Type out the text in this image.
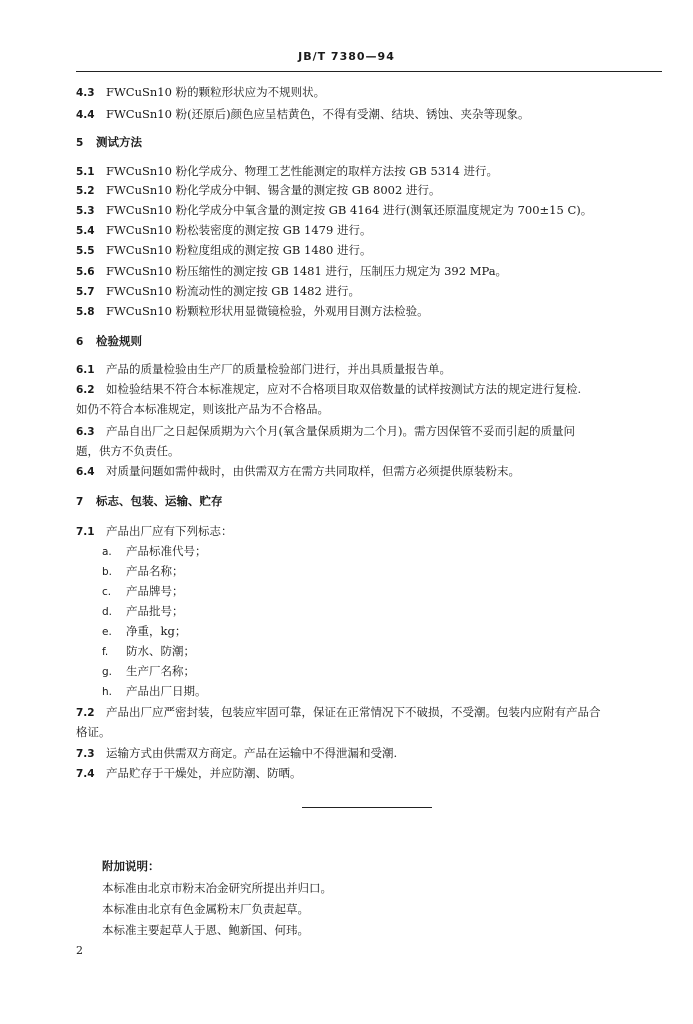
JB/T 7380—94
4.3 FWCuSn10 粉的颗粒形状应为不规则状。
4.4 FWCuSn10 粉(还原后)颜色应呈桔黄色，不得有受潮、结块、锈蚀、夹杂等现象。
5 测试方法
5.1 FWCuSn10 粉化学成分、物理工艺性能测定的取样方法按 GB 5314 进行。
5.2 FWCuSn10 粉化学成分中铜、锡含量的测定按 GB 8002 进行。
5.3 FWCuSn10 粉化学成分中氧含量的测定按 GB 4164 进行(测氧还原温度规定为 700±15 C)。
5.4 FWCuSn10 粉松装密度的测定按 GB 1479 进行。
5.5 FWCuSn10 粉粒度组成的测定按 GB 1480 进行。
5.6 FWCuSn10 粉压缩性的测定按 GB 1481 进行，压制压力规定为 392 MPa。
5.7 FWCuSn10 粉流动性的测定按 GB 1482 进行。
5.8 FWCuSn10 粉颗粒形状用显微镜检验，外观用目测方法检验。
6 检验规则
6.1 产品的质量检验由生产厂的质量检验部门进行，并出具质量报告单。
6.2 如检验结果不符合本标准规定，应对不合格项目取双倍数量的试样按测试方法的规定进行复检.
如仍不符合本标准规定，则该批产品为不合格品。
6.3 产品自出厂之日起保质期为六个月(氧含量保质期为二个月)。需方因保管不妥而引起的质量问
题，供方不负责任。
6.4 对质量问题如需仲裁时，由供需双方在需方共同取样，但需方必须提供原装粉末。
7 标志、包装、运输、贮存
7.1 产品出厂应有下列标志：
a. 产品标准代号；
b. 产品名称；
c. 产品牌号；
d. 产品批号；
e. 净重，kg；
f. 防水、防潮；
g. 生产厂名称；
h. 产品出厂日期。
7.2 产品出厂应严密封装，包装应牢固可靠，保证在正常情况下不破损，不受潮。包装内应附有产品合
格证。
7.3 运输方式由供需双方商定。产品在运输中不得泄漏和受潮.
7.4 产品贮存于干燥处，并应防潮、防晒。
附加说明：
本标准由北京市粉末冶金研究所提出并归口。
本标准由北京有色金属粉末厂负责起草。
本标准主要起草人于恩、鲍新国、何玮。
2
